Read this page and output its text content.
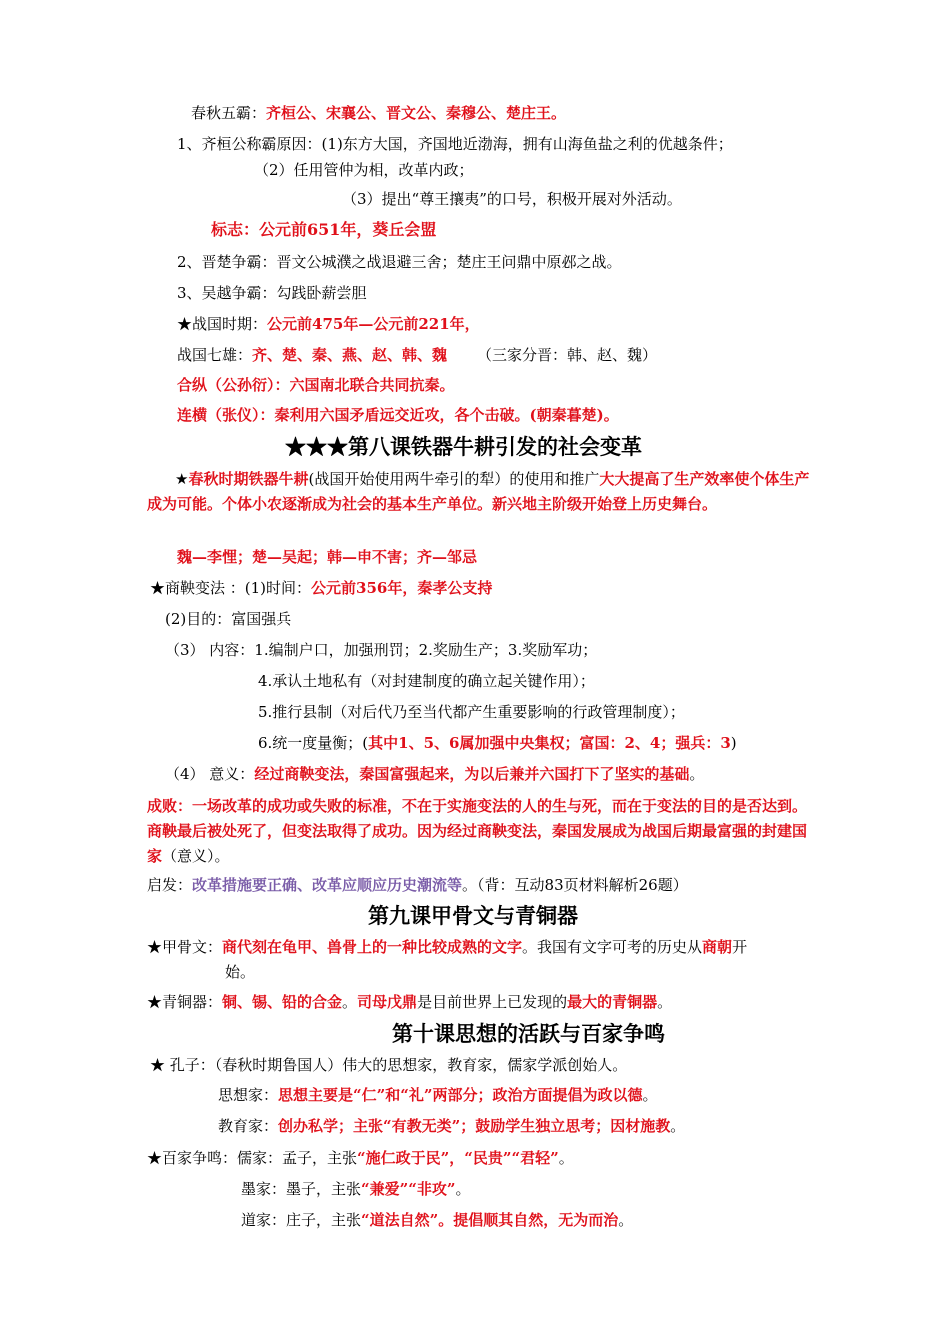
春秋五霸：齐桓公、宋襄公、晋文公、秦穆公、楚庄王。
1、齐桓公称霸原因：(1)东方大国，齐国地近渤海，拥有山海鱼盐之利的优越条件；
（2）任用管仲为相，改革内政；
（3）提出“尊王攘夷”的口号，积极开展对外活动。
标志：公元前651年，葵丘会盟
2、晋楚争霸：晋文公城濮之战退避三舍；楚庄王问鼎中原邲之战。
3、吴越争霸：勾践卧薪尝胆
★战国时期：公元前475年—公元前221年，
战国七雄：齐、楚、秦、燕、赵、韩、魏 （三家分晋：韩、赵、魏）
合纵（公孙衍）：六国南北联合共同抗秦。
连横（张仪）：秦利用六国矛盾远交近攻，各个击破。(朝秦暮楚)。
★★★第八课铁器牛耕引发的社会变革
★春秋时期铁器牛耕(战国开始使用两牛牵引的犁）的使用和推广大大提高了生产效率使个体生产成为可能。个体小农逐渐成为社会的基本生产单位。新兴地主阶级开始登上历史舞台。
魏—李悝；楚—吴起；韩—申不害；齐—邹忌
★商鞅变法 ：(1)时间：公元前356年，秦孝公支持
(2)目的：富国强兵
（3） 内容：1.编制户口，加强刑罚；2.奖励生产；3.奖励军功；
4.承认土地私有（对封建制度的确立起关键作用）；
5.推行县制（对后代乃至当代都产生重要影响的行政管理制度）；
6.统一度量衡；(其中1、5、6属加强中央集权；富国：2、4；强兵：3)
（4） 意义：经过商鞅变法，秦国富强起来，为以后兼并六国打下了坚实的基础。
成败：一场改革的成功或失败的标准，不在于实施变法的人的生与死，而在于变法的目的是否达到。商鞅最后被处死了，但变法取得了成功。因为经过商鞅变法，秦国发展成为战国后期最富强的封建国家（意义）。
启发：改革措施要正确、改革应顺应历史潮流等。（背：互动83页材料解析26题）
第九课甲骨文与青铜器
★甲骨文：商代刻在龟甲、兽骨上的一种比较成熟的文字。我国有文字可考的历史从商朝开
始。
★青铜器：铜、锡、铅的合金。司母戊鼎是目前世界上已发现的最大的青铜器。
第十课思想的活跃与百家争鸣
★ 孔子：（春秋时期鲁国人）伟大的思想家，教育家，儒家学派创始人。
思想家：思想主要是“仁”和“礼”两部分；政治方面提倡为政以德。
教育家：创办私学；主张“有教无类”；鼓励学生独立思考；因材施教。
★百家争鸣：儒家：孟子，主张“施仁政于民”，“民贵”“君轻”。
墨家：墨子，主张“兼爱”“非攻”。
道家：庄子，主张“道法自然”。提倡顺其自然，无为而治。
